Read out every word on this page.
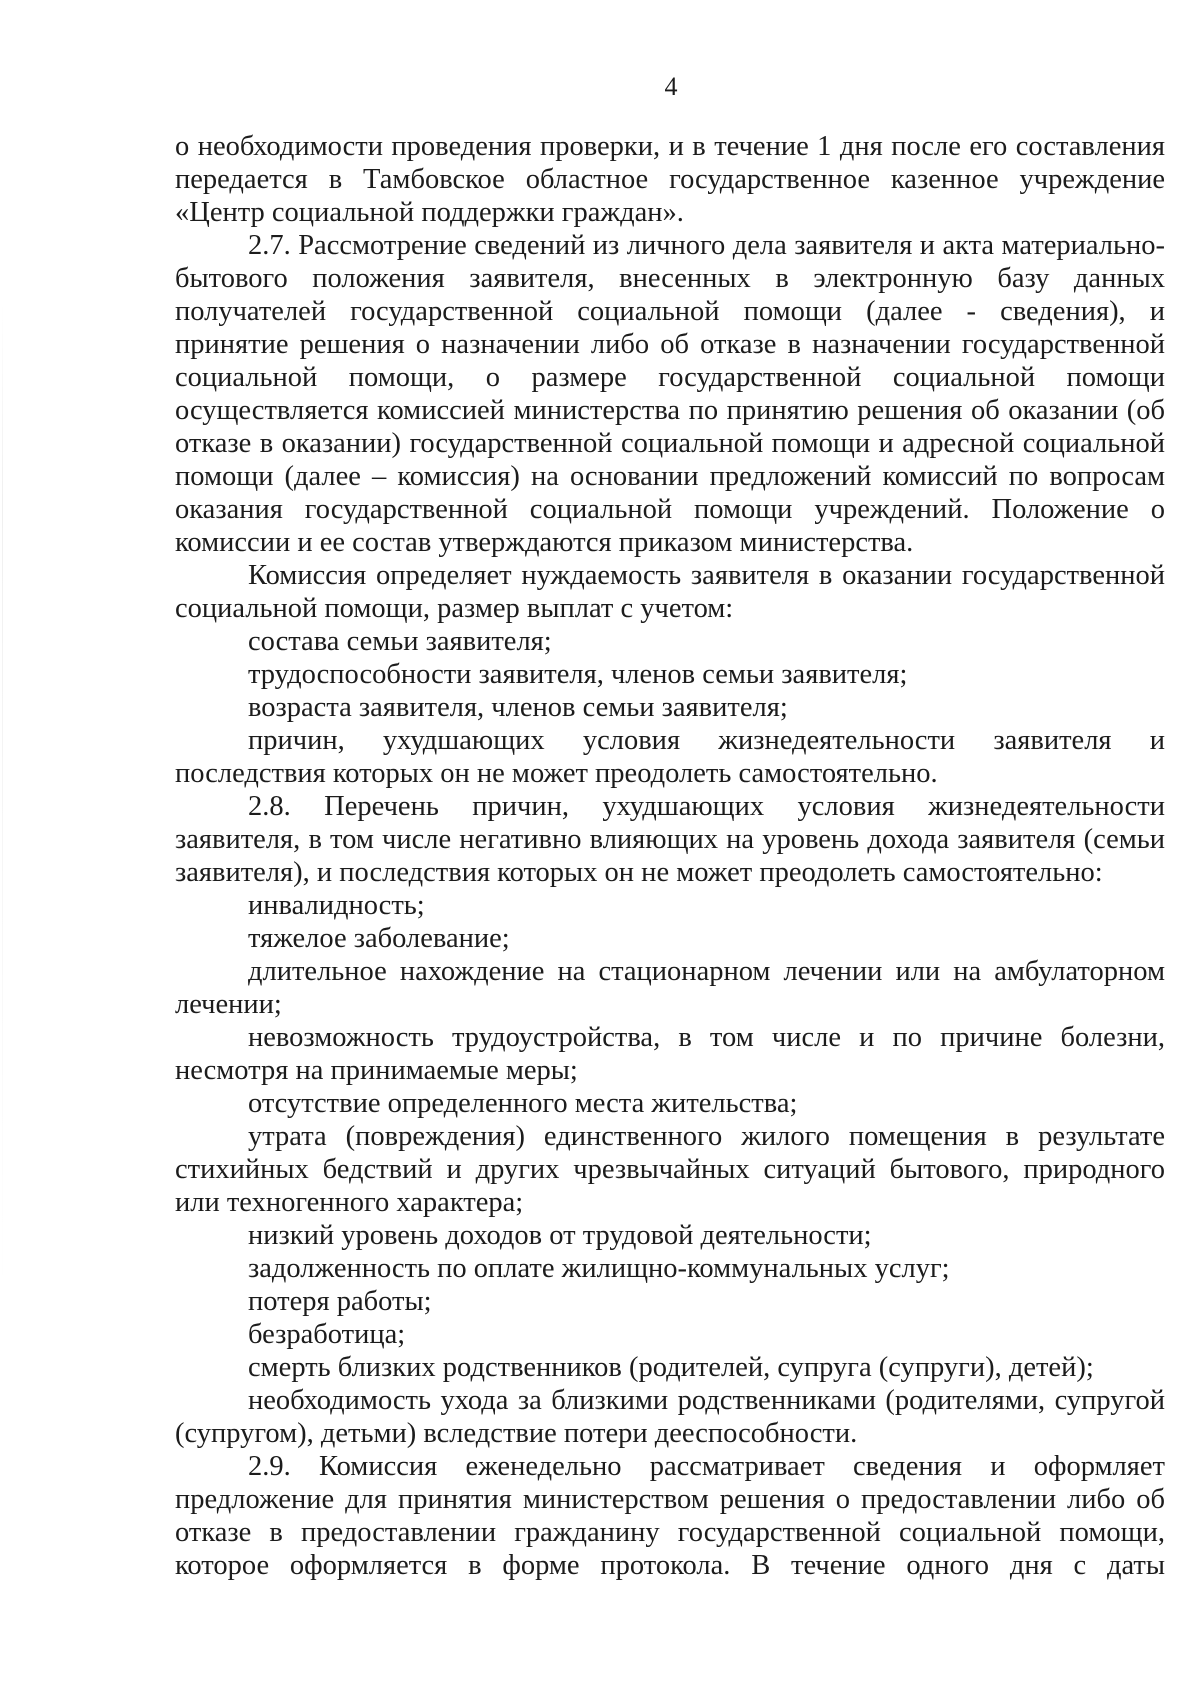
4

о необходимости проведения проверки, и в течение 1 дня после его составления передается в Тамбовское областное государственное казенное учреждение «Центр социальной поддержки граждан».

2.7. Рассмотрение сведений из личного дела заявителя и акта материально-бытового положения заявителя, внесенных в электронную базу данных получателей государственной социальной помощи (далее - сведения), и принятие решения о назначении либо об отказе в назначении государственной социальной помощи, о размере государственной социальной помощи осуществляется комиссией министерства по принятию решения об оказании (об отказе в оказании) государственной социальной помощи и адресной социальной помощи (далее – комиссия) на основании предложений комиссий по вопросам оказания государственной социальной помощи учреждений. Положение о комиссии и ее состав утверждаются приказом министерства.

Комиссия определяет нуждаемость заявителя в оказании государственной социальной помощи, размер выплат с учетом:

состава семьи заявителя;

трудоспособности заявителя, членов семьи заявителя;

возраста заявителя, членов семьи заявителя;

причин, ухудшающих условия жизнедеятельности заявителя и последствия которых он не может преодолеть самостоятельно.

2.8. Перечень причин, ухудшающих условия жизнедеятельности заявителя, в том числе негативно влияющих на уровень дохода заявителя (семьи заявителя), и последствия которых он не может преодолеть самостоятельно:

инвалидность;

тяжелое заболевание;

длительное нахождение на стационарном лечении или на амбулаторном лечении;

невозможность трудоустройства, в том числе и по причине болезни, несмотря на принимаемые меры;

отсутствие определенного места жительства;

утрата (повреждения) единственного жилого помещения в результате стихийных бедствий и других чрезвычайных ситуаций бытового, природного или техногенного характера;

низкий уровень доходов от трудовой деятельности;

задолженность по оплате жилищно-коммунальных услуг;

потеря работы;

безработица;

смерть близких родственников (родителей, супруга (супруги), детей);

необходимость ухода за близкими родственниками (родителями, супругой (супругом), детьми) вследствие потери дееспособности.

2.9. Комиссия еженедельно рассматривает сведения и оформляет предложение для принятия министерством решения о предоставлении либо об отказе в предоставлении гражданину государственной социальной помощи, которое оформляется в форме протокола. В течение одного дня с даты
